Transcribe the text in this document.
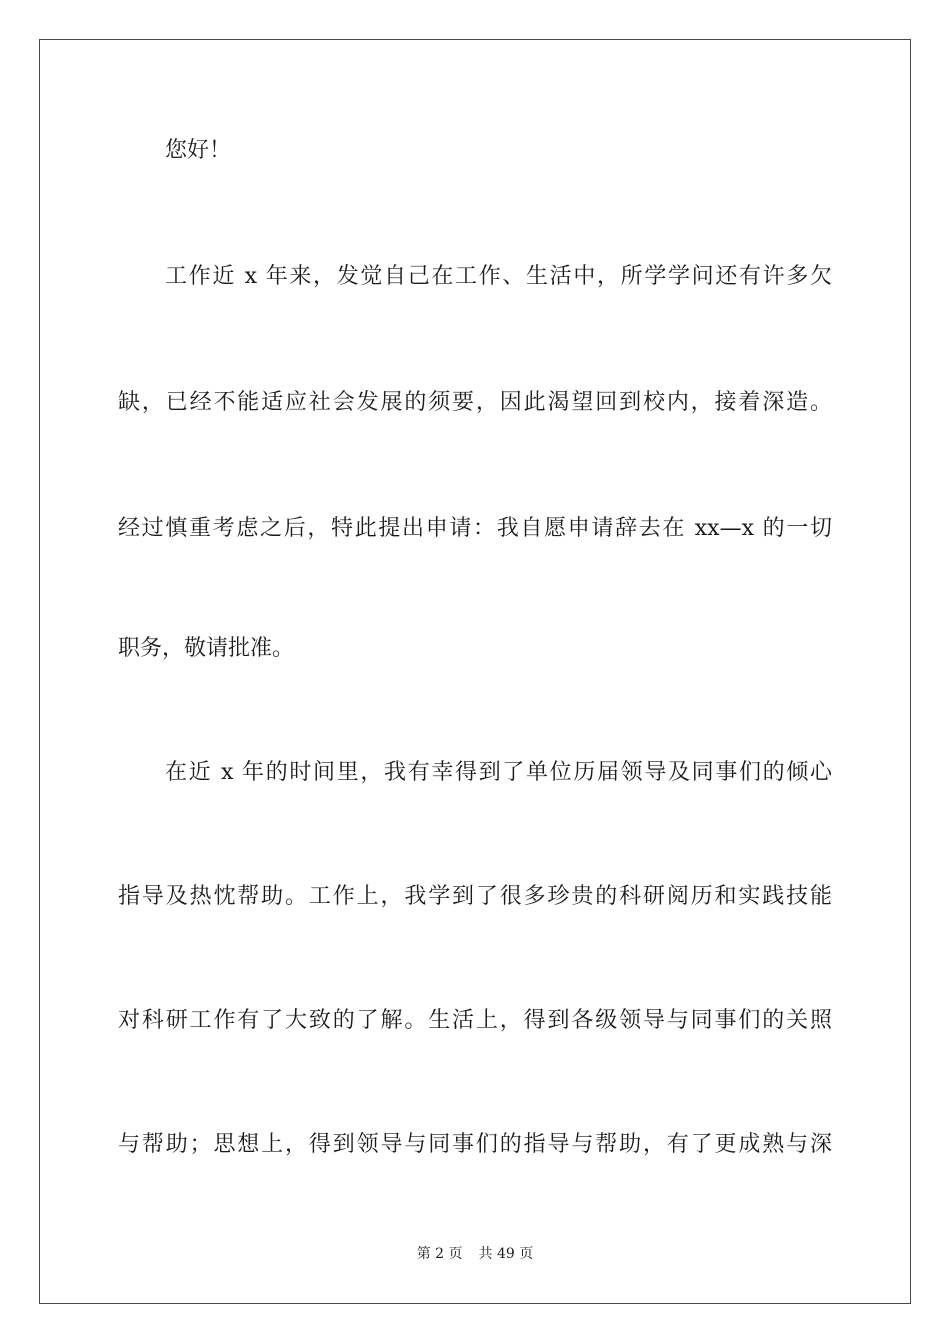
您好！

工作近 x 年来，发觉自己在工作、生活中，所学学问还有许多欠

缺，已经不能适应社会发展的须要，因此渴望回到校内，接着深造。

经过慎重考虑之后，特此提出申请：我自愿申请辞去在 xx—x 的一切

职务，敬请批准。

在近 x 年的时间里，我有幸得到了单位历届领导及同事们的倾心

指导及热忱帮助。工作上，我学到了很多珍贵的科研阅历和实践技能

对科研工作有了大致的了解。生活上，得到各级领导与同事们的关照

与帮助；思想上，得到领导与同事们的指导与帮助，有了更成熟与深

第 2 页 共 49 页
